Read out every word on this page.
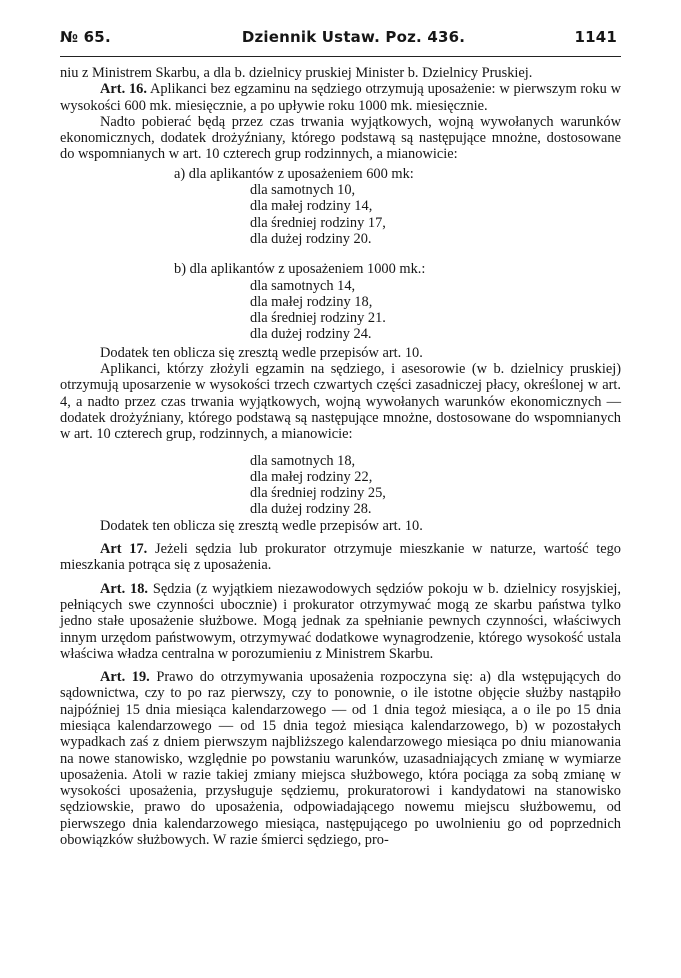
№ 65.	Dziennik Ustaw. Poz. 436.	1141

niu z Ministrem Skarbu, a dla b. dzielnicy pruskiej Minister b. Dzielnicy Pruskiej.

Art. 16. Aplikanci bez egzaminu na sędziego otrzymują uposażenie: w pierwszym roku w wysokości 600 mk. miesięcznie, a po upływie roku 1000 mk. miesięcznie.

Nadto pobierać będą przez czas trwania wyjątkowych, wojną wywołanych warunków ekonomicznych, dodatek drożyźniany, którego podstawą są następujące mnożne, dostosowane do wspomnianych w art. 10 czterech grup rodzinnych, a mianowicie:

a) dla aplikantów z uposażeniem 600 mk:
dla samotnych 10,
dla małej rodziny 14,
dla średniej rodziny 17,
dla dużej rodziny 20.
b) dla aplikantów z uposażeniem 1000 mk.:
dla samotnych 14,
dla małej rodziny 18,
dla średniej rodziny 21.
dla dużej rodziny 24.

Dodatek ten oblicza się zresztą wedle przepisów art. 10.

Aplikanci, którzy złożyli egzamin na sędziego, i asesorowie (w b. dzielnicy pruskiej) otrzymują uposarzenie w wysokości trzech czwartych części zasadniczej płacy, określonej w art. 4, a nadto przez czas trwania wyjątkowych, wojną wywołanych warunków ekonomicznych — dodatek drożyźniany, którego podstawą są następujące mnożne, dostosowane do wspomnianych w art. 10 czterech grup, rodzinnych, a mianowicie:

dla samotnych 18,
dla małej rodziny 22,
dla średniej rodziny 25,
dla dużej rodziny 28.

Dodatek ten oblicza się zresztą wedle przepisów art. 10.

Art 17. Jeżeli sędzia lub prokurator otrzymuje mieszkanie w naturze, wartość tego mieszkania potrąca się z uposażenia.

Art. 18. Sędzia (z wyjątkiem niezawodowych sędziów pokoju w b. dzielnicy rosyjskiej, pełniących swe czynności ubocznie) i prokurator otrzymywać mogą ze skarbu państwa tylko jedno stałe uposażenie służbowe. Mogą jednak za spełnianie pewnych czynności, właściwych innym urzędom państwowym, otrzymywać dodatkowe wynagrodzenie, którego wysokość ustala właściwa władza centralna w porozumieniu z Ministrem Skarbu.

Art. 19. Prawo do otrzymywania uposażenia rozpoczyna się: a) dla wstępujących do sądownictwa, czy to po raz pierwszy, czy to ponownie, o ile istotne objęcie służby nastąpiło najpóźniej 15 dnia miesiąca kalendarzowego — od 1 dnia tegoż miesiąca, a o ile po 15 dnia miesiąca kalendarzowego — od 15 dnia tegoż miesiąca kalendarzowego, b) w pozostałych wypadkach zaś z dniem pierwszym najbliższego kalendarzowego miesiąca po dniu mianowania na nowe stanowisko, względnie po powstaniu warunków, uzasadniających zmianę w wymiarze uposażenia. Atoli w razie takiej zmiany miejsca służbowego, która pociąga za sobą zmianę w wysokości uposażenia, przysługuje sędziemu, prokuratorowi i kandydatowi na stanowisko sędziowskie, prawo do uposażenia, odpowiadającego nowemu miejscu służbowemu, od pierwszego dnia kalendarzowego miesiąca, następującego po uwolnieniu go od poprzednich obowiązków służbowych. W razie śmierci sędziego, pro-
